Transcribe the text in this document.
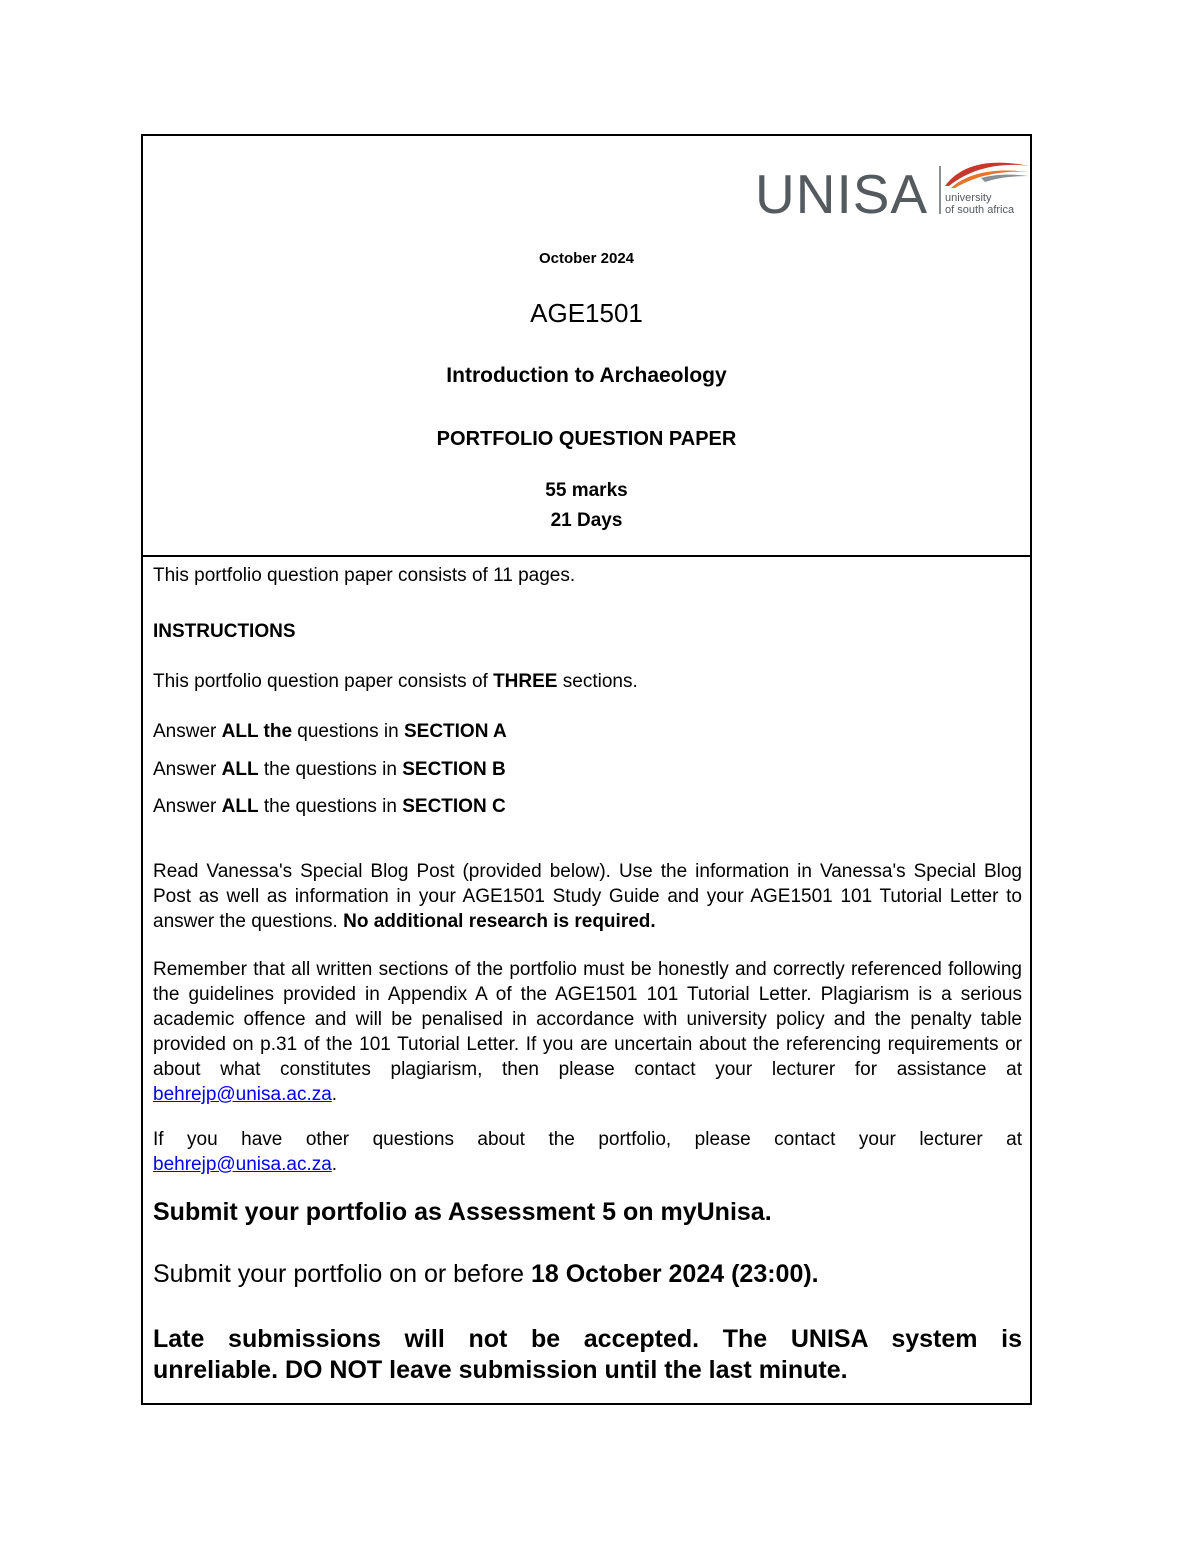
UNISA university
of south africa
October 2024
AGE1501
Introduction to Archaeology
PORTFOLIO QUESTION PAPER
55 marks
21 Days
This portfolio question paper consists of 11 pages.
INSTRUCTIONS
This portfolio question paper consists of THREE sections.
Answer ALL the questions in SECTION A
Answer ALL the questions in SECTION B
Answer ALL the questions in SECTION C
Read Vanessa's Special Blog Post (provided below). Use the information in Vanessa's Special Blog Post as well as information in your AGE1501 Study Guide and your AGE1501 101 Tutorial Letter to answer the questions. No additional research is required.
Remember that all written sections of the portfolio must be honestly and correctly referenced following the guidelines provided in Appendix A of the AGE1501 101 Tutorial Letter. Plagiarism is a serious academic offence and will be penalised in accordance with university policy and the penalty table provided on p.31 of the 101 Tutorial Letter. If you are uncertain about the referencing requirements or about what constitutes plagiarism, then please contact your lecturer for assistance at behrejp@unisa.ac.za.
If you have other questions about the portfolio, please contact your lecturer at
behrejp@unisa.ac.za.
Submit your portfolio as Assessment 5 on myUnisa.
Submit your portfolio on or before 18 October 2024 (23:00).
Late submissions will not be accepted. The UNISA system is
unreliable. DO NOT leave submission until the last minute.
